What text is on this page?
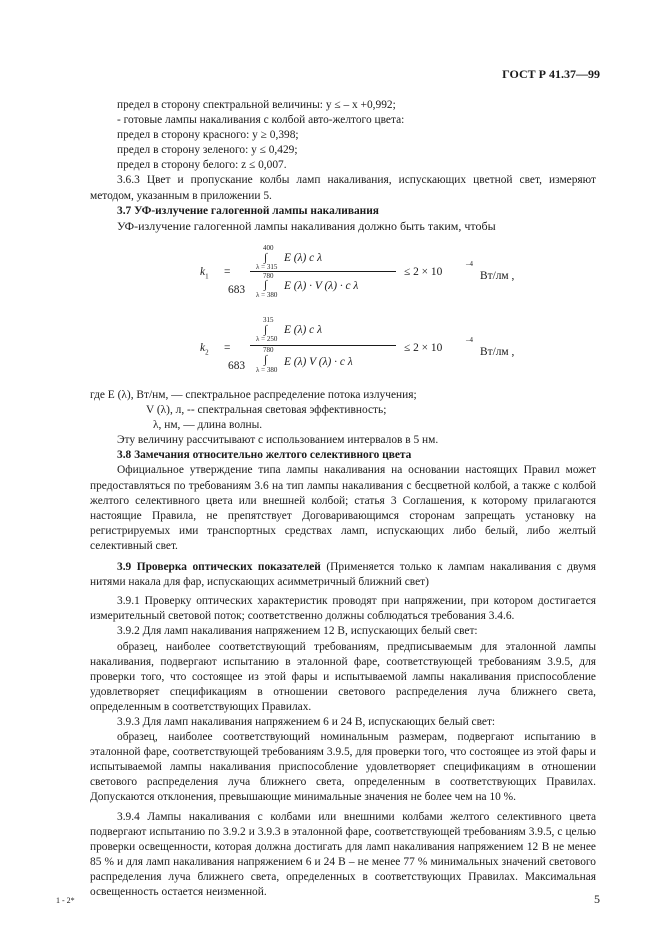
ГОСТ Р 41.37—99

предел в сторону спектральной величины: y ≤ – x +0,992;

- готовые лампы накаливания с колбой авто-желтого цвета:

предел в сторону красного: y ≥ 0,398;

предел в сторону зеленого: y ≤ 0,429;

предел в сторону белого: z ≤ 0,007.

3.6.3 Цвет и пропускание колбы ламп накаливания, испускающих цветной свет, измеряют методом, указанным в приложении 5.

3.7 УФ-излучение галогенной лампы накаливания

УФ-излучение галогенной лампы накаливания должно быть таким, чтобы

$k_1$ =
400
∫
λ = 315
E (λ) с λ
683
780
∫
λ = 380
E (λ) · V (λ) · с λ
≤ 2 × 10
–4
Вт/лм ,
$k_2$ =
315
∫
λ = 250
E (λ) с λ
683
780
∫
λ = 380
E (λ) V (λ) · с λ
≤ 2 × 10
–4
Вт/лм ,

где E (λ), Вт/нм, — спектральное распределение потока излучения;

V (λ), л, -- спектральная световая эффективность;

λ, нм, — длина волны.

Эту величину рассчитывают с использованием интервалов в 5 нм.

3.8 Замечания относительно желтого селективного цвета

Официальное утверждение типа лампы накаливания на основании настоящих Правил может предоставляться по требованиям 3.6 на тип лампы накаливания с бесцветной колбой, а также с колбой желтого селективного цвета или внешней колбой; статья 3 Соглашения, к которому прилагаются настоящие Правила, не препятствует Договаривающимся сторонам запрещать установку на регистрируемых ими транспортных средствах ламп, испускающих либо белый, либо желтый селективный свет.

3.9 Проверка оптических показателей (Применяется только к лампам накаливания с двумя нитями накала для фар, испускающих асимметричный ближний свет)

3.9.1 Проверку оптических характеристик проводят при напряжении, при котором достигается измерительный световой поток; соответственно должны соблюдаться требования 3.4.6.

3.9.2 Для ламп накаливания напряжением 12 В, испускающих белый свет:

образец, наиболее соответствующий требованиям, предписываемым для эталонной лампы накаливания, подвергают испытанию в эталонной фаре, соответствующей требованиям 3.9.5, для проверки того, что состоящее из этой фары и испытываемой лампы накаливания приспособление удовлетворяет спецификациям в отношении светового распределения луча ближнего света, определенным в соответствующих Правилах.

3.9.3 Для ламп накаливания напряжением 6 и 24 В, испускающих белый свет:

образец, наиболее соответствующий номинальным размерам, подвергают испытанию в эталонной фаре, соответствующей требованиям 3.9.5, для проверки того, что состоящее из этой фары и испытываемой лампы накаливания приспособление удовлетворяет спецификациям в отношении светового распределения луча ближнего света, определенным в соответствующих Правилах. Допускаются отклонения, превышающие минимальные значения не более чем на 10 %.

3.9.4 Лампы накаливания с колбами или внешними колбами желтого селективного цвета подвергают испытанию по 3.9.2 и 3.9.3 в эталонной фаре, соответствующей требованиям 3.9.5, с целью проверки освещенности, которая должна достигать для ламп накаливания напряжением 12 В не менее 85 % и для ламп накаливания напряжением 6 и 24 В – не менее 77 % минимальных значений светового распределения луча ближнего света, определенных в соответствующих Правилах. Максимальная освещенность остается неизменной.

1 - 2*	5
